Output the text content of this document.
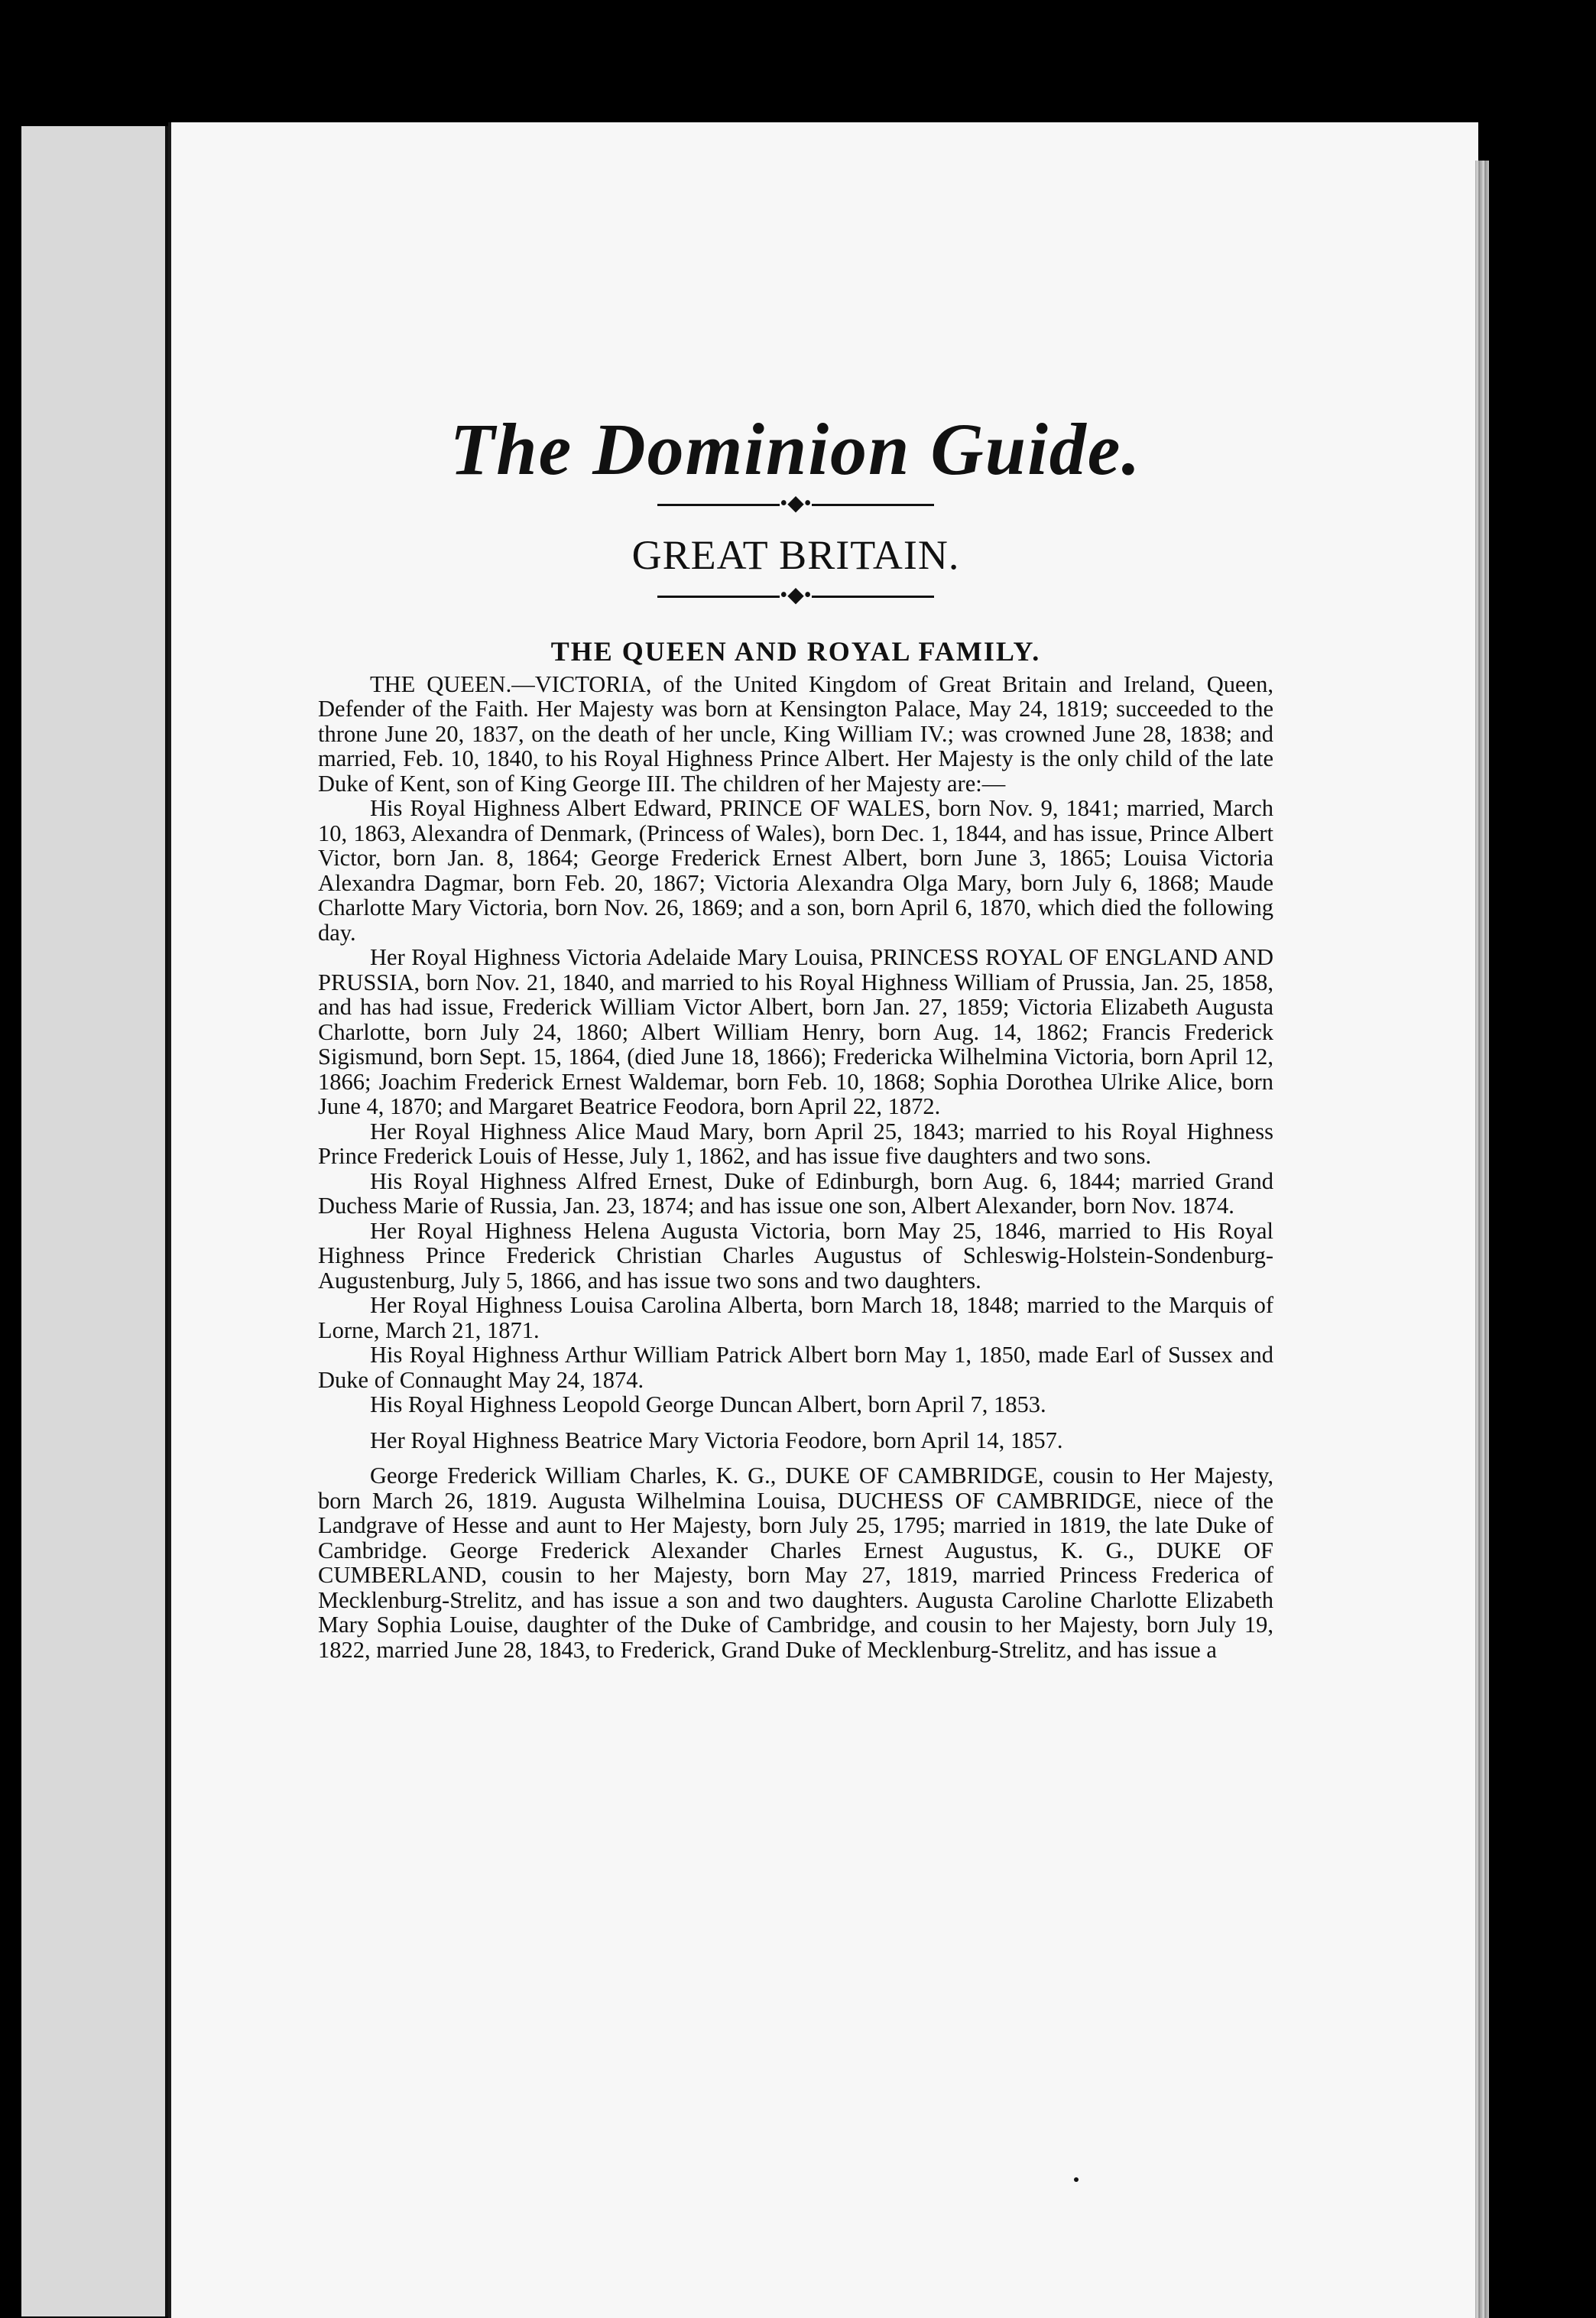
The Dominion Guide.
•◆•
GREAT BRITAIN.
•◆•
THE QUEEN AND ROYAL FAMILY.

THE QUEEN.—VICTORIA, of the United Kingdom of Great Britain and Ireland, Queen, Defender of the Faith. Her Majesty was born at Kensington Palace, May 24, 1819; succeeded to the throne June 20, 1837, on the death of her uncle, King William IV.; was crowned June 28, 1838; and married, Feb. 10, 1840, to his Royal Highness Prince Albert. Her Majesty is the only child of the late Duke of Kent, son of King George III. The children of her Majesty are:—

His Royal Highness Albert Edward, PRINCE OF WALES, born Nov. 9, 1841; married, March 10, 1863, Alexandra of Denmark, (Princess of Wales), born Dec. 1, 1844, and has issue, Prince Albert Victor, born Jan. 8, 1864; George Frederick Ernest Albert, born June 3, 1865; Louisa Victoria Alexandra Dagmar, born Feb. 20, 1867; Victoria Alexandra Olga Mary, born July 6, 1868; Maude Charlotte Mary Victoria, born Nov. 26, 1869; and a son, born April 6, 1870, which died the following day.

Her Royal Highness Victoria Adelaide Mary Louisa, PRINCESS ROYAL OF ENGLAND AND PRUSSIA, born Nov. 21, 1840, and married to his Royal Highness William of Prussia, Jan. 25, 1858, and has had issue, Frederick William Victor Albert, born Jan. 27, 1859; Victoria Elizabeth Augusta Charlotte, born July 24, 1860; Albert William Henry, born Aug. 14, 1862; Francis Frederick Sigismund, born Sept. 15, 1864, (died June 18, 1866); Fredericka Wilhelmina Victoria, born April 12, 1866; Joachim Frederick Ernest Waldemar, born Feb. 10, 1868; Sophia Dorothea Ulrike Alice, born June 4, 1870; and Margaret Beatrice Feodora, born April 22, 1872.

Her Royal Highness Alice Maud Mary, born April 25, 1843; married to his Royal Highness Prince Frederick Louis of Hesse, July 1, 1862, and has issue five daughters and two sons.

His Royal Highness Alfred Ernest, Duke of Edinburgh, born Aug. 6, 1844; married Grand Duchess Marie of Russia, Jan. 23, 1874; and has issue one son, Albert Alexander, born Nov. 1874.

Her Royal Highness Helena Augusta Victoria, born May 25, 1846, married to His Royal Highness Prince Frederick Christian Charles Augustus of Schleswig-Holstein-Sondenburg-Augustenburg, July 5, 1866, and has issue two sons and two daughters.

Her Royal Highness Louisa Carolina Alberta, born March 18, 1848; married to the Marquis of Lorne, March 21, 1871.

His Royal Highness Arthur William Patrick Albert born May 1, 1850, made Earl of Sussex and Duke of Connaught May 24, 1874.

His Royal Highness Leopold George Duncan Albert, born April 7, 1853.

Her Royal Highness Beatrice Mary Victoria Feodore, born April 14, 1857.

George Frederick William Charles, K. G., DUKE OF CAMBRIDGE, cousin to Her Majesty, born March 26, 1819. Augusta Wilhelmina Louisa, DUCHESS OF CAMBRIDGE, niece of the Landgrave of Hesse and aunt to Her Majesty, born July 25, 1795; married in 1819, the late Duke of Cambridge. George Frederick Alexander Charles Ernest Augustus, K. G., DUKE OF CUMBERLAND, cousin to her Majesty, born May 27, 1819, married Princess Frederica of Mecklenburg-Strelitz, and has issue a son and two daughters. Augusta Caroline Charlotte Elizabeth Mary Sophia Louise, daughter of the Duke of Cambridge, and cousin to her Majesty, born July 19, 1822, married June 28, 1843, to Frederick, Grand Duke of Mecklenburg-Strelitz, and has issue a
